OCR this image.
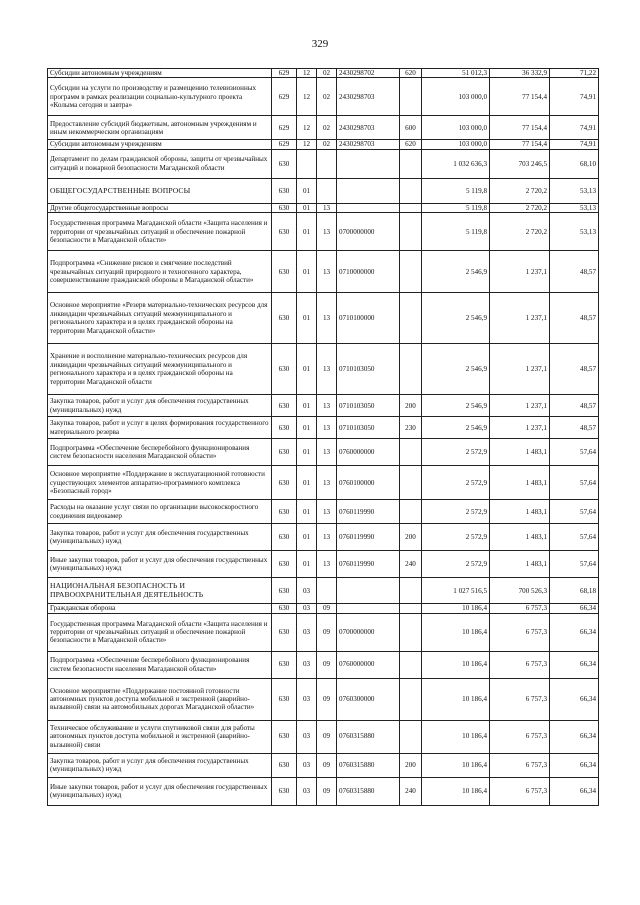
329
Субсидии автономным учреждениям	629	12	02	2430298702	620	51 012,3	36 332,9	71,22
Субсидии на услуги по производству и размещению телевизионных программ в рамках реализации социально-культурного проекта «Колыма сегодня и завтра»	629	12	02	2430298703		103 000,0	77 154,4	74,91
Предоставление субсидий бюджетным, автономным учреждениям и иным некоммерческим организациям	629	12	02	2430298703	600	103 000,0	77 154,4	74,91
Субсидии автономным учреждениям	629	12	02	2430298703	620	103 000,0	77 154,4	74,91
Департамент по делам гражданской обороны, защиты от чрезвычайных ситуаций и пожарной безопасности Магаданской области	630					1 032 636,3	703 246,5	68,10
ОБЩЕГОСУДАРСТВЕННЫЕ ВОПРОСЫ	630	01				5 119,8	2 720,2	53,13
Другие общегосударственные вопросы	630	01	13			5 119,8	2 720,2	53,13
Государственная программа Магаданской области «Защита населения и территории от чрезвычайных ситуаций и обеспечение пожарной безопасности в Магаданской области»	630	01	13	0700000000		5 119,8	2 720,2	53,13
Подпрограмма «Снижение рисков и смягчение последствий чрезвычайных ситуаций природного и техногенного характера, совершенствование гражданской обороны в Магаданской области»	630	01	13	0710000000		2 546,9	1 237,1	48,57
Основное мероприятие «Резерв материально-технических ресурсов для ликвидации чрезвычайных ситуаций межмуниципального и регионального характера и в целях гражданской обороны на территории Магаданской области»	630	01	13	0710100000		2 546,9	1 237,1	48,57
Хранение и восполнение материально-технических ресурсов для ликвидации чрезвычайных ситуаций межмуниципального и регионального характера и в целях гражданской обороны на территории Магаданской области	630	01	13	0710103050		2 546,9	1 237,1	48,57
Закупка товаров, работ и услуг для обеспечения государственных (муниципальных) нужд	630	01	13	0710103050	200	2 546,9	1 237,1	48,57
Закупка товаров, работ и услуг в целях формирования государственного материального резерва	630	01	13	0710103050	230	2 546,9	1 237,1	48,57
Подпрограмма «Обеспечение бесперебойного функционирования систем безопасности населения Магаданской области»	630	01	13	0760000000		2 572,9	1 483,1	57,64
Основное мероприятие «Поддержание в эксплуатационной готовности существующих элементов аппаратно-программного комплекса «Безопасный город»	630	01	13	0760100000		2 572,9	1 483,1	57,64
Расходы на оказание услуг связи по организации высокоскоростного соединения видеокамер	630	01	13	0760119990		2 572,9	1 483,1	57,64
Закупка товаров, работ и услуг для обеспечения государственных (муниципальных) нужд	630	01	13	0760119990	200	2 572,9	1 483,1	57,64
Иные закупки товаров, работ и услуг для обеспечения государственных (муниципальных) нужд	630	01	13	0760119990	240	2 572,9	1 483,1	57,64
НАЦИОНАЛЬНАЯ БЕЗОПАСНОСТЬ И ПРАВООХРАНИТЕЛЬНАЯ ДЕЯТЕЛЬНОСТЬ	630	03				1 027 516,5	700 526,3	68,18
Гражданская оборона	630	03	09			10 186,4	6 757,3	66,34
Государственная программа Магаданской области «Защита населения и территории от чрезвычайных ситуаций и обеспечение пожарной безопасности в Магаданской области»	630	03	09	0700000000		10 186,4	6 757,3	66,34
Подпрограмма «Обеспечение бесперебойного функционирования систем безопасности населения Магаданской области»	630	03	09	0760000000		10 186,4	6 757,3	66,34
Основное мероприятие «Поддержание постоянной готовности автономных пунктов доступа мобильной и экстренной (аварийно-вызывной) связи на автомобильных дорогах Магаданской области»	630	03	09	0760300000		10 186,4	6 757,3	66,34
Техническое обслуживание и услуги спутниковой связи для работы автономных пунктов доступа мобильной и экстренной (аварийно-вызывной) связи	630	03	09	0760315880		10 186,4	6 757,3	66,34
Закупка товаров, работ и услуг для обеспечения государственных (муниципальных) нужд	630	03	09	0760315880	200	10 186,4	6 757,3	66,34
Иные закупки товаров, работ и услуг для обеспечения государственных (муниципальных) нужд	630	03	09	0760315880	240	10 186,4	6 757,3	66,34
